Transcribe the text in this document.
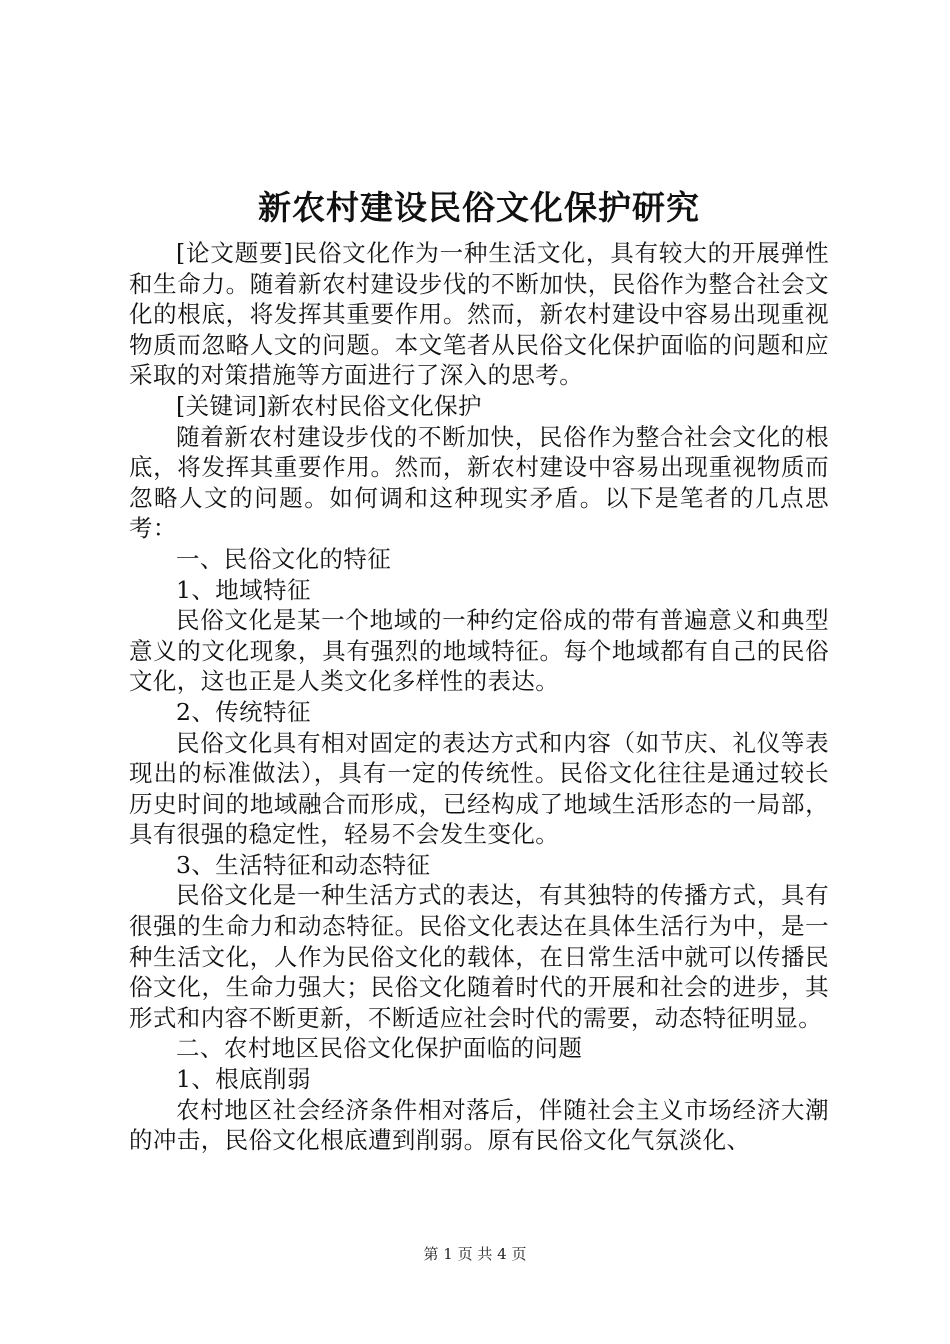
新农村建设民俗文化保护研究

[论文题要]民俗文化作为一种生活文化，具有较大的开展弹性和生命力。随着新农村建设步伐的不断加快，民俗作为整合社会文化的根底，将发挥其重要作用。然而，新农村建设中容易出现重视物质而忽略人文的问题。本文笔者从民俗文化保护面临的问题和应采取的对策措施等方面进行了深入的思考。

[关键词]新农村民俗文化保护

随着新农村建设步伐的不断加快，民俗作为整合社会文化的根底，将发挥其重要作用。然而，新农村建设中容易出现重视物质而忽略人文的问题。如何调和这种现实矛盾。以下是笔者的几点思考：

一、民俗文化的特征

1、地域特征

民俗文化是某一个地域的一种约定俗成的带有普遍意义和典型意义的文化现象，具有强烈的地域特征。每个地域都有自己的民俗文化，这也正是人类文化多样性的表达。

2、传统特征

民俗文化具有相对固定的表达方式和内容（如节庆、礼仪等表现出的标准做法），具有一定的传统性。民俗文化往往是通过较长历史时间的地域融合而形成，已经构成了地域生活形态的一局部，具有很强的稳定性，轻易不会发生变化。

3、生活特征和动态特征

民俗文化是一种生活方式的表达，有其独特的传播方式，具有很强的生命力和动态特征。民俗文化表达在具体生活行为中，是一种生活文化，人作为民俗文化的载体，在日常生活中就可以传播民俗文化，生命力强大；民俗文化随着时代的开展和社会的进步，其形式和内容不断更新，不断适应社会时代的需要，动态特征明显。

二、农村地区民俗文化保护面临的问题

1、根底削弱

农村地区社会经济条件相对落后，伴随社会主义市场经济大潮的冲击，民俗文化根底遭到削弱。原有民俗文化气氛淡化、

第 1 页 共 4 页
